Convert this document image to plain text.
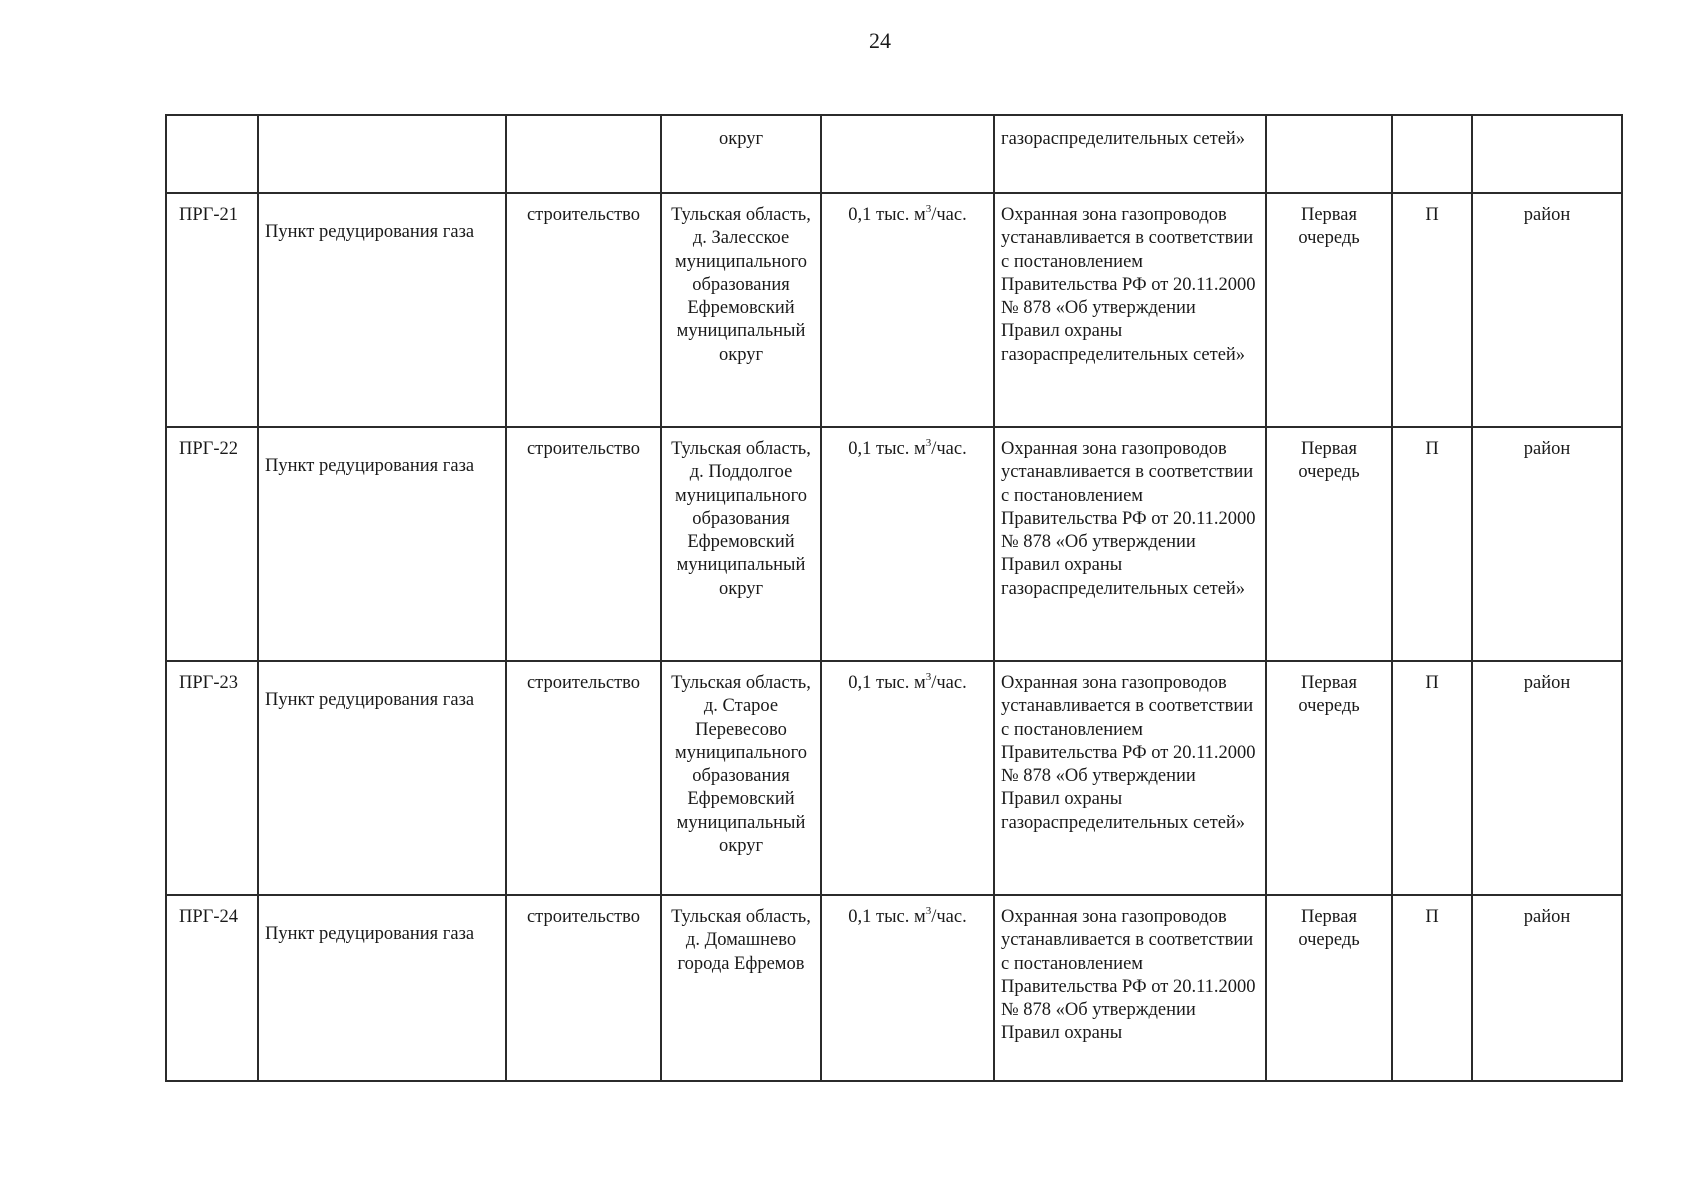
24
			округ		газораспределительных сетей»			
ПРГ-21	Пункт редуцирования газа	строительство	Тульская область, д. Залесское муниципального образования Ефремовский муниципальный округ	0,1 тыс. $м^3$/час.	Охранная зона газопроводов устанавливается в соответствии с постановлением Правительства РФ от 20.11.2000 № 878 «Об утверждении Правил охраны газораспределительных сетей»	Первая очередь	П	район
ПРГ-22	Пункт редуцирования газа	строительство	Тульская область, д. Поддолгое муниципального образования Ефремовский муниципальный округ	0,1 тыс. $м^3$/час.	Охранная зона газопроводов устанавливается в соответствии с постановлением Правительства РФ от 20.11.2000 № 878 «Об утверждении Правил охраны газораспределительных сетей»	Первая очередь	П	район
ПРГ-23	Пункт редуцирования газа	строительство	Тульская область, д. Старое Перевесово муниципального образования Ефремовский муниципальный округ	0,1 тыс. $м^3$/час.	Охранная зона газопроводов устанавливается в соответствии с постановлением Правительства РФ от 20.11.2000 № 878 «Об утверждении Правил охраны газораспределительных сетей»	Первая очередь	П	район
ПРГ-24	Пункт редуцирования газа	строительство	Тульская область, д. Домашнево города Ефремов	0,1 тыс. $м^3$/час.	Охранная зона газопроводов устанавливается в соответствии с постановлением Правительства РФ от 20.11.2000 № 878 «Об утверждении Правил охраны	Первая очередь	П	район
